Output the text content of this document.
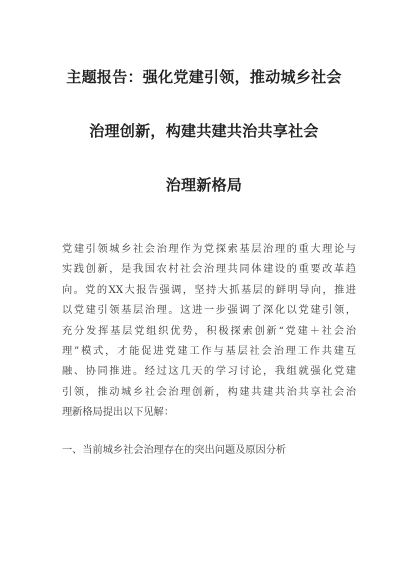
主题报告：强化党建引领，推动城乡社会
治理创新，构建共建共治共享社会
治理新格局
党建引领城乡社会治理作为党探索基层治理的重大理论与
实践创新，是我国农村社会治理共同体建设的重要改革趋
向。党的XX大报告强调，坚持大抓基层的鲜明导向，推进
以党建引领基层治理。这进一步强调了深化以党建引领，
充分发挥基层党组织优势，积极探索创新“党建＋社会治
理”模式，才能促进党建工作与基层社会治理工作共建互
融、协同推进。经过这几天的学习讨论，我组就强化党建
引领，推动城乡社会治理创新，构建共建共治共享社会治
理新格局提出以下见解：
一、当前城乡社会治理存在的突出问题及原因分析
